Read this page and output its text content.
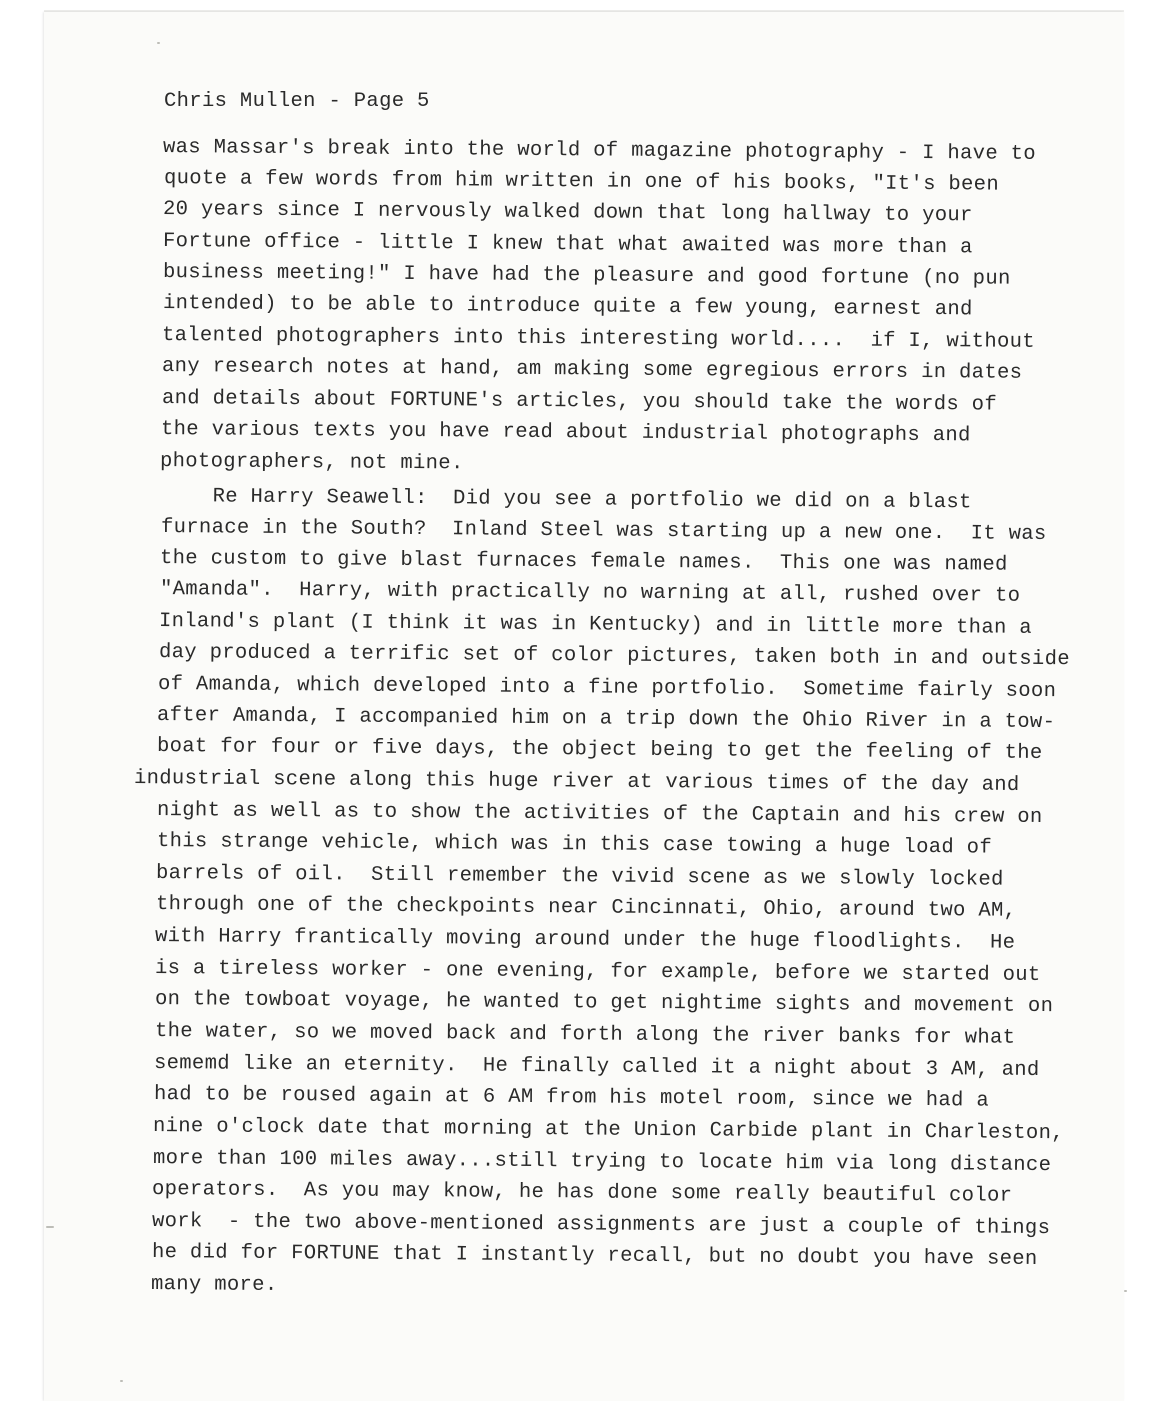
Chris Mullen - Page 5
was Massar's break into the world of magazine photography - I have to
quote a few words from him written in one of his books, "It's been
20 years since I nervously walked down that long hallway to your
Fortune office - little I knew that what awaited was more than a
business meeting!" I have had the pleasure and good fortune (no pun
intended) to be able to introduce quite a few young, earnest and
talented photographers into this interesting world....  if I, without
any research notes at hand, am making some egregious errors in dates
and details about FORTUNE's articles, you should take the words of
the various texts you have read about industrial photographs and
photographers, not mine.
Re Harry Seawell:  Did you see a portfolio we did on a blast
furnace in the South?  Inland Steel was starting up a new one.  It was
the custom to give blast furnaces female names.  This one was named
"Amanda".  Harry, with practically no warning at all, rushed over to
Inland's plant (I think it was in Kentucky) and in little more than a
day produced a terrific set of color pictures, taken both in and outside
of Amanda, which developed into a fine portfolio.  Sometime fairly soon
after Amanda, I accompanied him on a trip down the Ohio River in a tow-
boat for four or five days, the object being to get the feeling of the
industrial scene along this huge river at various times of the day and
night as well as to show the activities of the Captain and his crew on
this strange vehicle, which was in this case towing a huge load of
barrels of oil.  Still remember the vivid scene as we slowly locked
through one of the checkpoints near Cincinnati, Ohio, around two AM,
with Harry frantically moving around under the huge floodlights.  He
is a tireless worker - one evening, for example, before we started out
on the towboat voyage, he wanted to get nightime sights and movement on
the water, so we moved back and forth along the river banks for what
sememd like an eternity.  He finally called it a night about 3 AM, and
had to be roused again at 6 AM from his motel room, since we had a
nine o'clock date that morning at the Union Carbide plant in Charleston,
more than 100 miles away...still trying to locate him via long distance
operators.  As you may know, he has done some really beautiful color
work  - the two above-mentioned assignments are just a couple of things
he did for FORTUNE that I instantly recall, but no doubt you have seen
many more.
